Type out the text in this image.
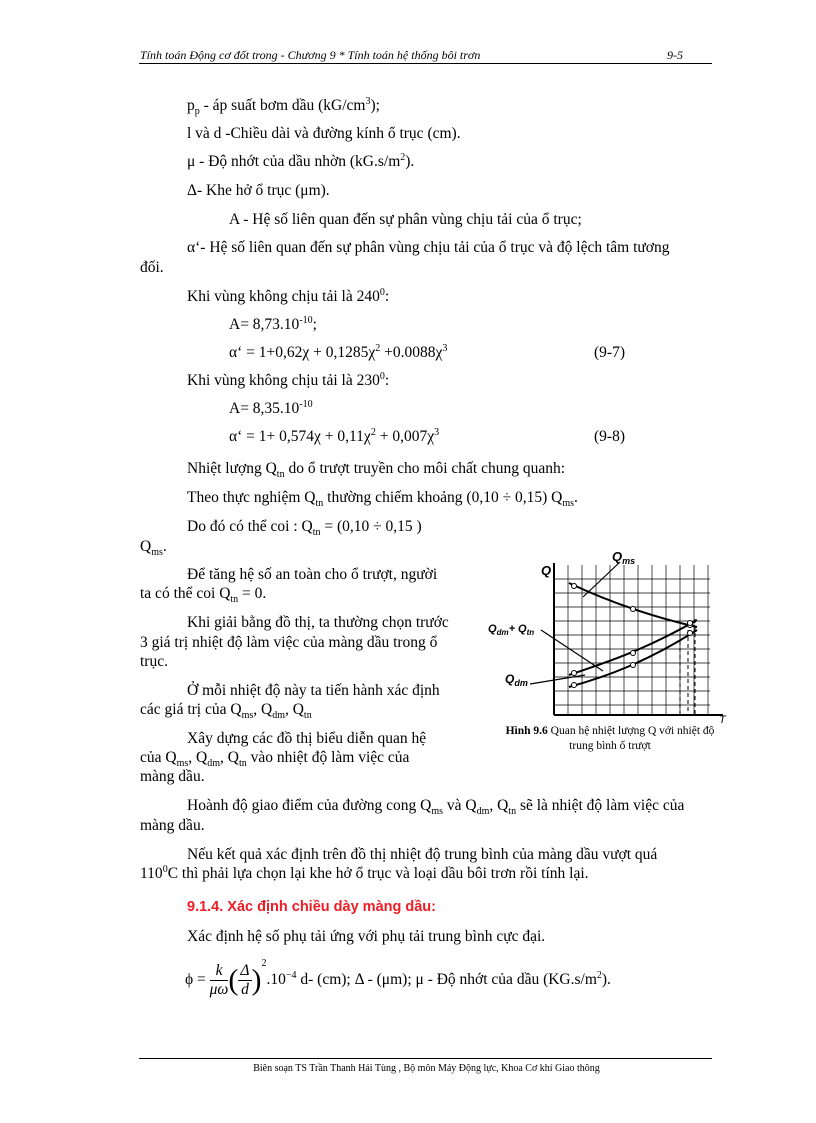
Tính toán Động cơ đốt trong - Chương 9 * Tính toán hệ thống bôi trơn	9-5
$p_p$ - áp suất bơm dầu $(kG/cm^3)$;
l và d -Chiều dài và đường kính ổ trục (cm).
μ - Độ nhớt của dầu nhờn $(kG.s/m^2)$.
Δ- Khe hở ổ trục (μm).
A - Hệ số liên quan đến sự phân vùng chịu tải của ổ trục;
α‘- Hệ số liên quan đến sự phân vùng chịu tải của ổ trục và độ lệch tâm tương
đối.
Khi vùng không chịu tải là $240^0$:
$A= 8,73.10^{-10}$;
α‘ = $1+0,62\chi + 0,1285\chi^2 +0.0088\chi^3$	(9-7)
Khi vùng không chịu tải là $230^0$:
$A= 8,35.10^{-10}$
α‘ = $1+ 0,574\chi + 0,11\chi^2 + 0,007\chi^3$	(9-8)
Nhiệt lượng $Q_{tn}$ do ổ trượt truyền cho môi chất chung quanh:
Theo thực nghiệm $Q_{tn}$ thường chiếm khoảng (0,10 ÷ 0,15) $Q_{ms}$.
Do đó có thể coi : $Q_{tn} = (0,10 \div 0,15$ )
$Q_{ms}$.
Để tăng hệ số an toàn cho ổ trượt, người
ta có thể coi $Q_{tn} = 0$.
Khi giải bằng đồ thị, ta thường chọn trước
3 giá trị nhiệt độ làm việc của màng dầu trong ổ
trục.
Ở mỗi nhiệt độ này ta tiến hành xác định
các giá trị của $Q_{ms}$, $Q_{dm}$, $Q_{tn}$
Xây dựng các đồ thị biểu diễn quan hệ
của $Q_{ms}$, $Q_{dm}$, $Q_{tn}$ vào nhiệt độ làm việc của
màng dầu.
Hoành độ giao điểm của đường cong $Q_{ms}$ và $Q_{dm}$, $Q_{tn}$ sẽ là nhiệt độ làm việc của
màng dầu.
Nếu kết quả xác định trên đồ thị nhiệt độ trung bình của màng dầu vượt quá
$110^0C$ thì phải lựa chọn lại khe hở ổ trục và loại dầu bôi trơn rồi tính lại.
9.1.4. Xác định chiều dày màng dầu:
Xác định hệ số phụ tải ứng với phụ tải trung bình cực đại.
$\phi = \frac{k}{\mu\omega}$ ( $\frac{\Delta}{d} )^2.10^{-4}$ d- (cm); Δ - (μm); μ - Độ nhớt của dầu $(KG.s/m^2)$.
$Q_{ms}$
Q
$Q_{dm}+ Q_{tn}$
$Q_{dm}$
T
Hình 9.6 Quan hệ nhiệt lượng Q với nhiệt độ
trung bình ổ trượt
Biên soạn TS Trần Thanh Hải Tùng , Bộ môn Máy Động lực, Khoa Cơ khí Giao thông
